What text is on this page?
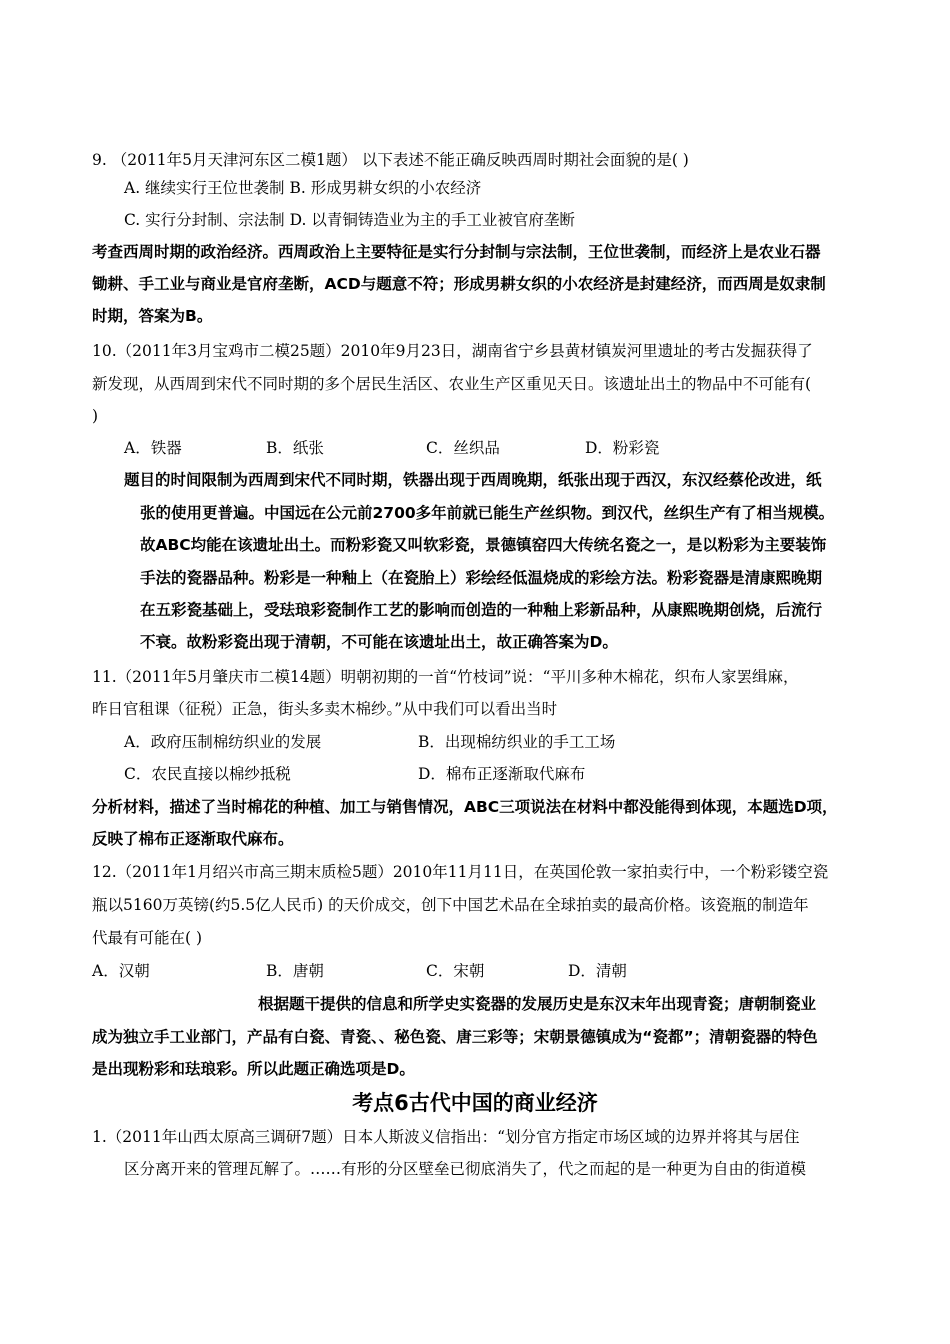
9. （2011年5月天津河东区二模1题） 以下表述不能正确反映西周时期社会面貌的是( )
A. 继续实行王位世袭制 B. 形成男耕女织的小农经济
C. 实行分封制、宗法制 D. 以青铜铸造业为主的手工业被官府垄断
考查西周时期的政治经济。西周政治上主要特征是实行分封制与宗法制，王位世袭制，而经济上是农业石器
锄耕、手工业与商业是官府垄断，ACD与题意不符；形成男耕女织的小农经济是封建经济，而西周是奴隶制
时期，答案为B。
10.（2011年3月宝鸡市二模25题）2010年9月23日，湖南省宁乡县黄材镇炭河里遗址的考古发掘获得了
新发现，从西周到宋代不同时期的多个居民生活区、农业生产区重见天日。该遗址出土的物品中不可能有(
)
A．铁器	B．纸张	C．丝织品	D．粉彩瓷
题目的时间限制为西周到宋代不同时期，铁器出现于西周晚期，纸张出现于西汉，东汉经蔡伦改进，纸
张的使用更普遍。中国远在公元前2700多年前就已能生产丝织物。到汉代，丝织生产有了相当规模。
故ABC均能在该遗址出土。而粉彩瓷又叫软彩瓷，景德镇窑四大传统名瓷之一，是以粉彩为主要装饰
手法的瓷器品种。粉彩是一种釉上（在瓷胎上）彩绘经低温烧成的彩绘方法。粉彩瓷器是清康熙晚期
在五彩瓷基础上，受珐琅彩瓷制作工艺的影响而创造的一种釉上彩新品种，从康熙晚期创烧，后流行
不衰。故粉彩瓷出现于清朝，不可能在该遗址出土，故正确答案为D。
11.（2011年5月肇庆市二模14题）明朝初期的一首“竹枝词”说：“平川多种木棉花，织布人家罢缉麻，
昨日官租课（征税）正急，街头多卖木棉纱。”从中我们可以看出当时
A．政府压制棉纺织业的发展	B．出现棉纺织业的手工工场
C．农民直接以棉纱抵税	D．棉布正逐渐取代麻布
分析材料，描述了当时棉花的种植、加工与销售情况，ABC三项说法在材料中都没能得到体现，本题选D项，
反映了棉布正逐渐取代麻布。
12.（2011年1月绍兴市高三期末质检5题）2010年11月11日，在英国伦敦一家拍卖行中，一个粉彩镂空瓷
瓶以5160万英镑(约5.5亿人民币) 的天价成交，创下中国艺术品在全球拍卖的最高价格。该瓷瓶的制造年
代最有可能在( )
A．汉朝	B．唐朝	C．宋朝	D．清朝
根据题干提供的信息和所学史实瓷器的发展历史是东汉末年出现青瓷；唐朝制瓷业
成为独立手工业部门，产品有白瓷、青瓷、、秘色瓷、唐三彩等；宋朝景德镇成为“瓷都”；清朝瓷器的特色
是出现粉彩和珐琅彩。所以此题正确选项是D。
考点6古代中国的商业经济
1.（2011年山西太原高三调研7题）日本人斯波义信指出：“划分官方指定市场区域的边界并将其与居住
区分离开来的管理瓦解了。……有形的分区壁垒已彻底消失了，代之而起的是一种更为自由的街道模
